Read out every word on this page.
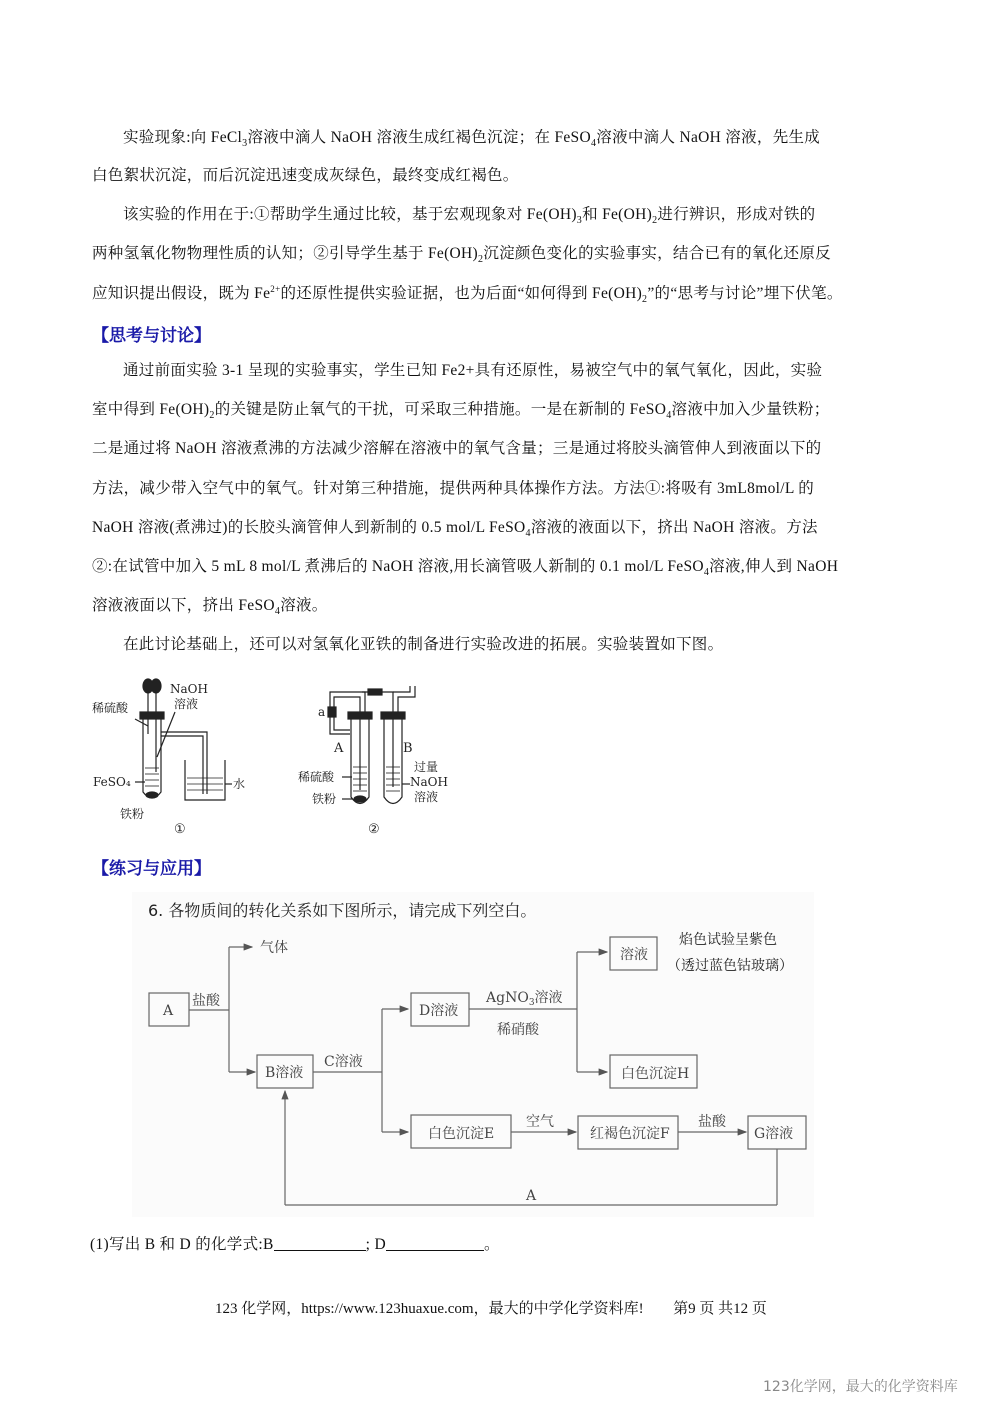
实验现象:向 FeCl$_3$溶液中滴人 NaOH 溶液生成红褐色沉淀；在 FeSO$_4$溶液中滴人 NaOH 溶液，先生成
白色絮状沉淀，而后沉淀迅速变成灰绿色，最终变成红褐色。
该实验的作用在于:①帮助学生通过比较，基于宏观现象对 $Fe(OH)_3$和 $Fe(OH)_2$进行辨识，形成对铁的
两种氢氧化物物理性质的认知；②引导学生基于 $Fe(OH)_2$沉淀颜色变化的实验事实，结合已有的氧化还原反
应知识提出假设，既为 $Fe^{2+}$的还原性提供实验证据，也为后面“如何得到 $Fe(OH)_2$”的“思考与讨论”埋下伏笔。
【思考与讨论】
通过前面实验 3-1 呈现的实验事实，学生已知 Fe2+具有还原性，易被空气中的氧气氧化，因此，实验
室中得到 $Fe(OH)_2$的关键是防止氧气的干扰，可采取三种措施。一是在新制的 FeSO$_4$溶液中加入少量铁粉；
二是通过将 NaOH 溶液煮沸的方法减少溶解在溶液中的氧气含量；三是通过将胶头滴管伸人到液面以下的
方法，减少带入空气中的氧气。针对第三种措施，提供两种具体操作方法。方法①:将吸有 3mL8mol/L 的
NaOH 溶液(煮沸过)的长胶头滴管伸人到新制的 0.5 mol/L FeSO$_4$溶液的液面以下，挤出 NaOH 溶液。方法
②:在试管中加入 5 mL 8 mol/L 煮沸后的 NaOH 溶液,用长滴管吸人新制的 0.1 mol/L FeSO$_4$溶液,伸人到 NaOH
溶液液面以下，挤出 FeSO$_4$溶液。
在此讨论基础上，还可以对氢氧化亚铁的制备进行实验改进的拓展。实验装置如下图。
稀硫酸
NaOH
溶液
FeSO₄
铁粉
水
①
a
A	B
稀硫酸
铁粉
过量
NaOH
溶液
②
【练习与应用】
6. 各物质间的转化关系如下图所示，请完成下列空白。
A
盐酸
气体
B溶液
C溶液
D溶液
AgNO$_3$溶液
稀硝酸
溶液
焰色试验呈紫色
（透过蓝色钴玻璃）
白色沉淀H
白色沉淀E
空气
红褐色沉淀F
盐酸
G溶液
A
(1)写出 B 和 D 的化学式:B	; D	。
123 化学网，https://www.123huaxue.com，最大的中学化学资料库! 第9 页 共12 页
123化学网，最大的化学资料库
